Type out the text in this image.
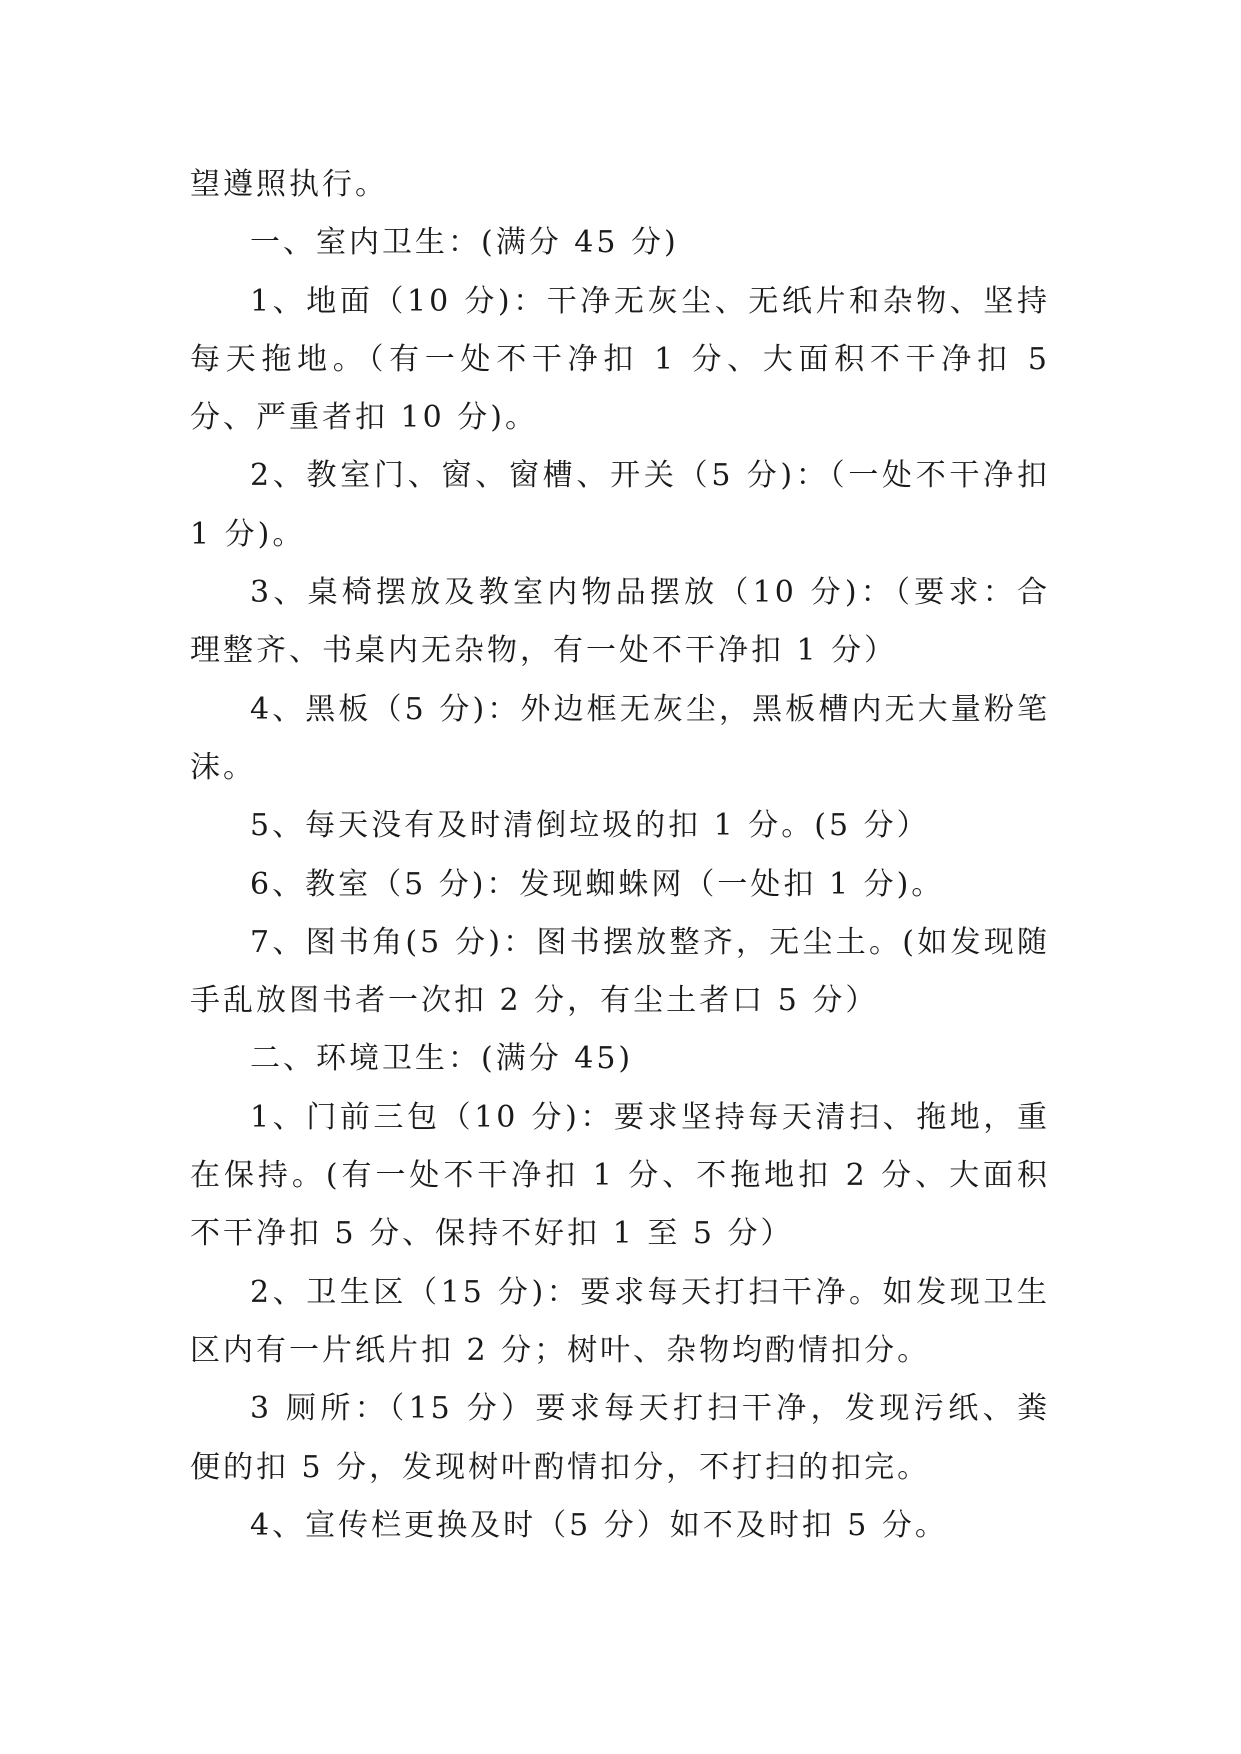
望遵照执行。

一、室内卫生：(满分 45 分)

1、地面（10 分)：干净无灰尘、无纸片和杂物、坚持每天拖地。（有一处不干净扣 1 分、大面积不干净扣 5 分、严重者扣 10 分)。

2、教室门、窗、窗槽、开关（5 分)：（一处不干净扣 1 分)。

3、桌椅摆放及教室内物品摆放（10 分)：（要求：合理整齐、书桌内无杂物，有一处不干净扣 1 分）

4、黑板（5 分)：外边框无灰尘，黑板槽内无大量粉笔沫。

5、每天没有及时清倒垃圾的扣 1 分。(5 分）

6、教室（5 分)：发现蜘蛛网（一处扣 1 分)。

7、图书角(5 分)：图书摆放整齐，无尘土。(如发现随手乱放图书者一次扣 2 分，有尘土者口 5 分）

二、环境卫生：(满分 45)

1、门前三包（10 分)：要求坚持每天清扫、拖地，重在保持。(有一处不干净扣 1 分、不拖地扣 2 分、大面积不干净扣 5 分、保持不好扣 1 至 5 分）

2、卫生区（15 分)：要求每天打扫干净。如发现卫生区内有一片纸片扣 2 分；树叶、杂物均酌情扣分。

3 厕所：（15 分）要求每天打扫干净，发现污纸、粪便的扣 5 分，发现树叶酌情扣分，不打扫的扣完。

4、宣传栏更换及时（5 分）如不及时扣 5 分。
